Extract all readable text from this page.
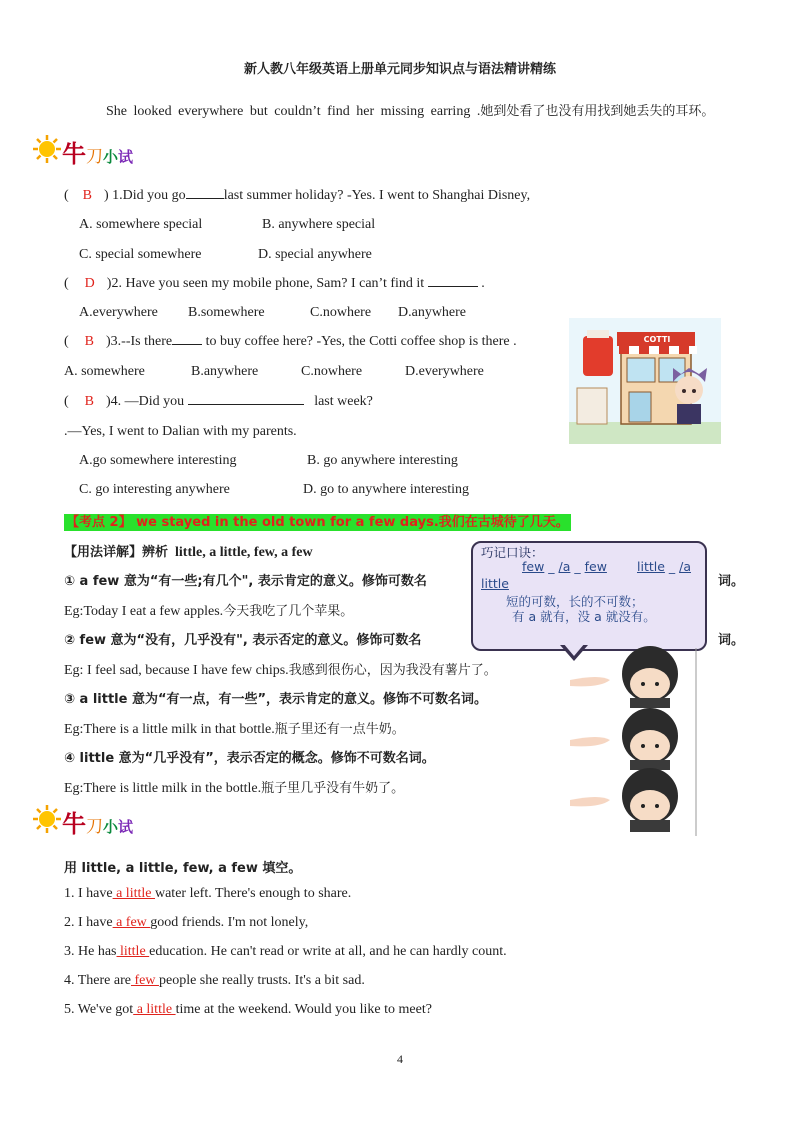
新人教八年级英语上册单元同步知识点与语法精讲精练
She looked everywhere but couldn’t find her missing earring .她到处看了也没有用找到她丢失的耳环。
牛刀小试
( B ) 1.Did you go	last summer holiday? -Yes. I went to Shanghai Disney,
A. somewhere special	B. anywhere special
C. special somewhere	D. special anywhere
( D )2. Have you seen my mobile phone, Sam? I can’t find it	.
A.everywhere B.somewhere	C.nowhere D.anywhere
( B )3.--Is there to buy coffee here? -Yes, the Cotti coffee shop is there .
A. somewhere	B.anywhere	C.nowhere	D.everywhere
( B )4. —Did you	last week?
.—Yes, I went to Dalian with my parents.
A.go somewhere interesting	B. go anywhere interesting
C. go interesting anywhere	D. go to anywhere interesting
COTTI
【考点 2】 we stayed in the old town for a few days.我们在古城待了几天。
【用法详解】辨析 little, a little, few, a few
① a few 意为“有一些;有几个", 表示肯定的意义。修饰可数名	词。
Eg:Today I eat a few apples.今天我吃了几个苹果。
② few 意为“没有，几乎没有", 表示否定的意义。修饰可数名	词。
Eg: I feel sad, because I have few chips.我感到很伤心，因为我没有薯片了。
③ a little 意为“有一点，有一些”，表示肯定的意义。修饰不可数名词。
Eg:There is a little milk in that bottle.瓶子里还有一点牛奶。
④ little 意为“几乎没有”，表示否定的概念。修饰不可数名词。
Eg:There is little milk in the bottle.瓶子里几乎没有牛奶了。
巧记口诀：
few _ /a _ few little _ /a
little
短的可数，长的不可数；
有 a 就有，没 a 就没有。
牛刀小试
用 little, a little, few, a few 填空。
1. I have a little water left. There's enough to share.
2. I have a few good friends. I'm not lonely,
3. He has little education. He can't read or write at all, and he can hardly count.
4. There are few people she really trusts. It's a bit sad.
5. We've got a little time at the weekend. Would you like to meet?
4
